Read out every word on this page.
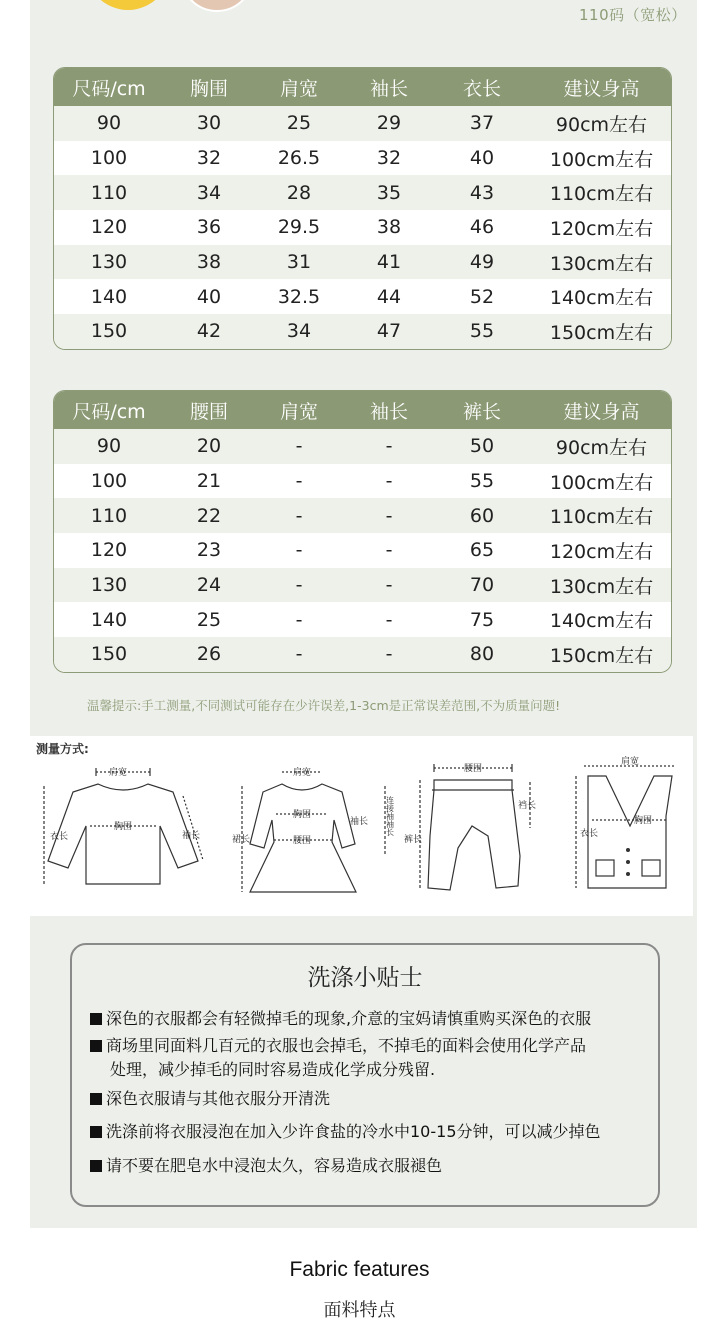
110码（宽松）
尺码/cm	胸围	肩宽	袖长	衣长	建议身高
90	30	25	29	37	90cm左右
100	32	26.5	32	40	100cm左右
110	34	28	35	43	110cm左右
120	36	29.5	38	46	120cm左右
130	38	31	41	49	130cm左右
140	40	32.5	44	52	140cm左右
150	42	34	47	55	150cm左右
尺码/cm	腰围	肩宽	袖长	裤长	建议身高
90	20	-	-	50	90cm左右
100	21	-	-	55	100cm左右
110	22	-	-	60	110cm左右
120	23	-	-	65	120cm左右
130	24	-	-	70	130cm左右
140	25	-	-	75	140cm左右
150	26	-	-	80	150cm左右
温馨提示:手工测量,不同测试可能存在少许误差,1-3cm是正常误差范围,不为质量问题!
测量方式:
肩宽
胸围
衣长	袖长
肩宽
胸围
腰围
裙长
袖长 连接袖袖长
腰围
裤长
裆长
肩宽
胸围
衣长
洗涤小贴士
深色的衣服都会有轻微掉毛的现象,介意的宝妈请慎重购买深色的衣服
商场里同面料几百元的衣服也会掉毛，不掉毛的面料会使用化学产品
处理，减少掉毛的同时容易造成化学成分残留.
深色衣服请与其他衣服分开清洗
洗涤前将衣服浸泡在加入少许食盐的冷水中10-15分钟，可以减少掉色
请不要在肥皂水中浸泡太久，容易造成衣服褪色
Fabric features
面料特点
